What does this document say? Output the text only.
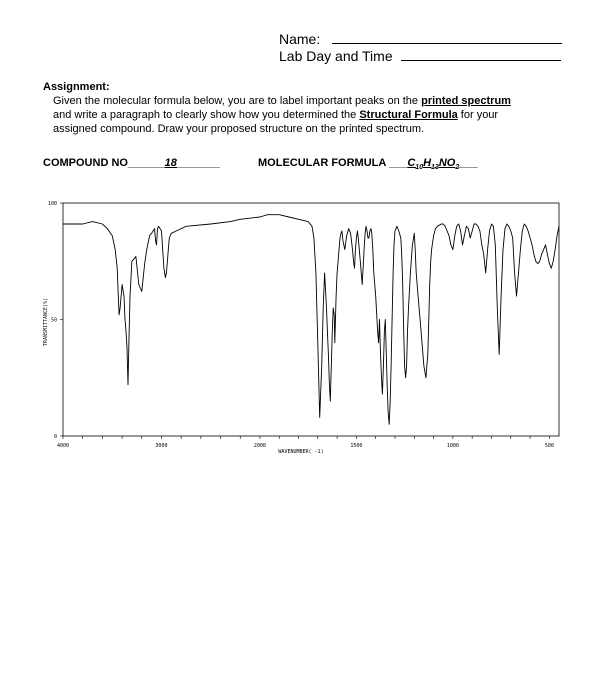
Name:
Lab Day and Time
Assignment:
Given the molecular formula below, you are to label important peaks on the printed spectrum and write a paragraph to clearly show how you determined the Structural Formula for your assigned compound. Draw your proposed structure on the printed spectrum.
COMPOUND NO______18_______	MOLECULAR FORMULA $\_\_\_C_{10}H_{13}NO_2\_\_\_$
4000	3000	2000	1500	1000	500
100
50
0
TRANSMITTANCE(%)
WAVENUMBER( -1)
